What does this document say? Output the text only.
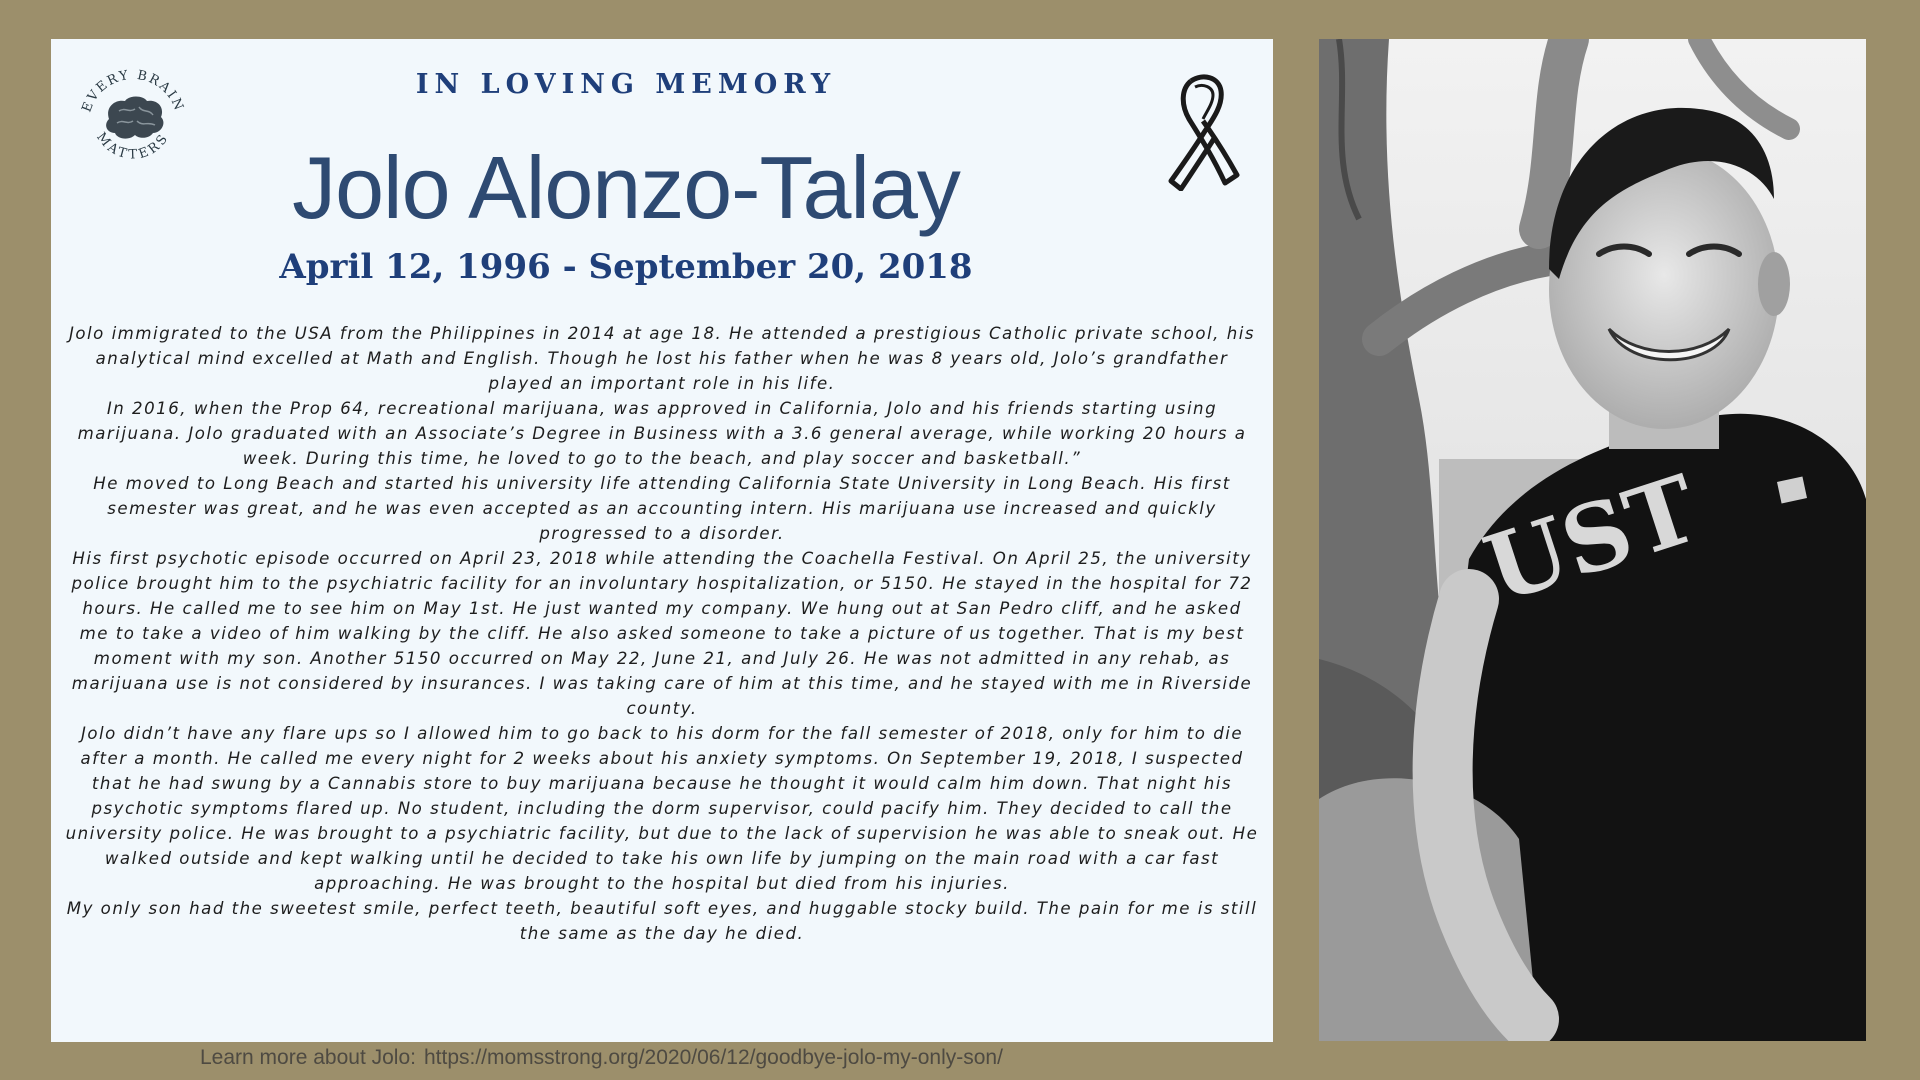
EVERY BRAIN
MATTERS
IN LOVING MEMORY
Jolo Alonzo-Talay
April 12, 1996 - September 20, 2018

Jolo immigrated to the USA from the Philippines in 2014 at age 18. He attended a prestigious Catholic private school, his analytical mind excelled at Math and English. Though he lost his father when he was 8 years old, Jolo’s grandfather played an important role in his life.

In 2016, when the Prop 64, recreational marijuana, was approved in California, Jolo and his friends starting using marijuana. Jolo graduated with an Associate’s Degree in Business with a 3.6 general average, while working 20 hours a week. During this time, he loved to go to the beach, and play soccer and basketball.”

He moved to Long Beach and started his university life attending California State University in Long Beach. His first semester was great, and he was even accepted as an accounting intern. His marijuana use increased and quickly progressed to a disorder.

His first psychotic episode occurred on April 23, 2018 while attending the Coachella Festival. On April 25, the university police brought him to the psychiatric facility for an involuntary hospitalization, or 5150. He stayed in the hospital for 72 hours. He called me to see him on May 1st. He just wanted my company. We hung out at San Pedro cliff, and he asked me to take a video of him walking by the cliff. He also asked someone to take a picture of us together. That is my best moment with my son. Another 5150 occurred on May 22, June 21, and July 26. He was not admitted in any rehab, as marijuana use is not considered by insurances. I was taking care of him at this time, and he stayed with me in Riverside county.

Jolo didn’t have any flare ups so I allowed him to go back to his dorm for the fall semester of 2018, only for him to die after a month. He called me every night for 2 weeks about his anxiety symptoms. On September 19, 2018, I suspected that he had swung by a Cannabis store to buy marijuana because he thought it would calm him down. That night his psychotic symptoms flared up. No student, including the dorm supervisor, could pacify him. They decided to call the university police. He was brought to a psychiatric facility, but due to the lack of supervision he was able to sneak out. He walked outside and kept walking until he decided to take his own life by jumping on the main road with a car fast approaching. He was brought to the hospital but died from his injuries.

My only son had the sweetest smile, perfect teeth, beautiful soft eyes, and huggable stocky build. The pain for me is still the same as the day he died.

UST
Learn more about Jolo: https://momsstrong.org/2020/06/12/goodbye-jolo-my-only-son/
